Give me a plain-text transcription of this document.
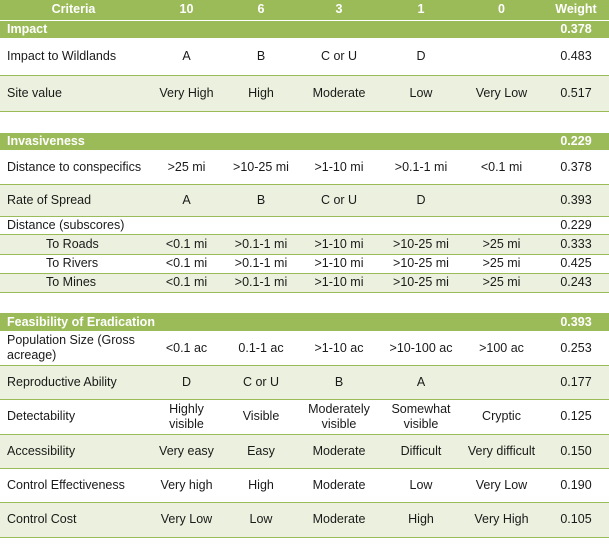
Criteria	10	6	3	1	0	Weight
Impact						0.378
Impact to Wildlands	A	B	C or U	D		0.483
Site value	Very High	High	Moderate	Low	Very Low	0.517

Invasiveness						0.229
Distance to conspecifics	>25 mi	>10-25 mi	>1-10 mi	>0.1-1 mi	<0.1 mi	0.378
Rate of Spread	A	B	C or U	D		0.393
Distance (subscores)						0.229
To Roads	<0.1 mi	>0.1-1 mi	>1-10 mi	>10-25 mi	>25 mi	0.333
To Rivers	<0.1 mi	>0.1-1 mi	>1-10 mi	>10-25 mi	>25 mi	0.425
To Mines	<0.1 mi	>0.1-1 mi	>1-10 mi	>10-25 mi	>25 mi	0.243

Feasibility of Eradication						0.393
Population Size (Gross acreage)	<0.1 ac	0.1-1 ac	>1-10 ac	>10-100 ac	>100 ac	0.253
Reproductive Ability	D	C or U	B	A		0.177
Detectability	Highly visible	Visible	Moderately visible	Somewhat visible	Cryptic	0.125
Accessibility	Very easy	Easy	Moderate	Difficult	Very difficult	0.150
Control Effectiveness	Very high	High	Moderate	Low	Very Low	0.190
Control Cost	Very Low	Low	Moderate	High	Very High	0.105
